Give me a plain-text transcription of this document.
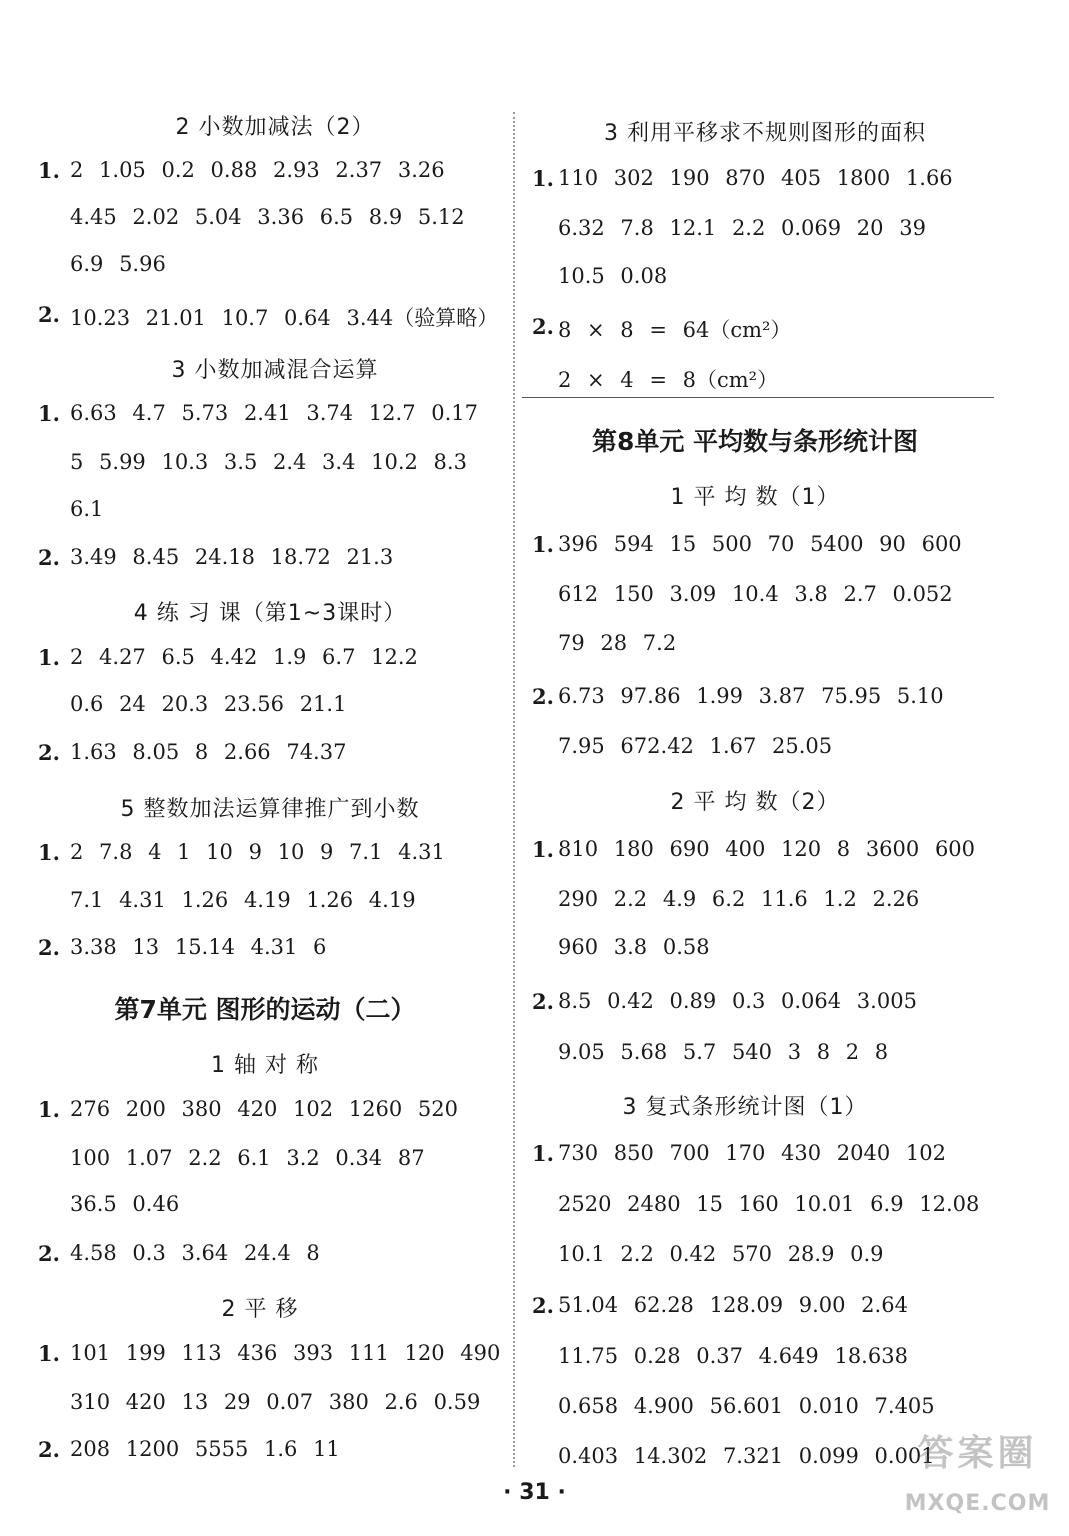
2 小数加减法（2）
1. 2 1.05 0.2 0.88 2.93 2.37 3.26
4.45 2.02 5.04 3.36 6.5 8.9 5.12
6.9 5.96
2. 10.23 21.01 10.7 0.64 3.44（验算略）
3 小数加减混合运算
1. 6.63 4.7 5.73 2.41 3.74 12.7 0.17
5 5.99 10.3 3.5 2.4 3.4 10.2 8.3
6.1
2. 3.49 8.45 24.18 18.72 21.3
4 练 习 课（第1~3课时）
1. 2 4.27 6.5 4.42 1.9 6.7 12.2
0.6 24 20.3 23.56 21.1
2. 1.63 8.05 8 2.66 74.37
5 整数加法运算律推广到小数
1. 2 7.8 4 1 10 9 10 9 7.1 4.31
7.1 4.31 1.26 4.19 1.26 4.19
2. 3.38 13 15.14 4.31 6
第7单元 图形的运动（二）
1 轴 对 称
1. 276 200 380 420 102 1260 520
100 1.07 2.2 6.1 3.2 0.34 87
36.5 0.46
2. 4.58 0.3 3.64 24.4 8
2 平 移
1. 101 199 113 436 393 111 120 490
310 420 13 29 0.07 380 2.6 0.59
2. 208 1200 5555 1.6 11
3 利用平移求不规则图形的面积
1. 110 302 190 870 405 1800 1.66
6.32 7.8 12.1 2.2 0.069 20 39
10.5 0.08
2. 8 × 8 = 64（cm²）
2 × 4 = 8（cm²）
第8单元 平均数与条形统计图
1 平 均 数（1）
1. 396 594 15 500 70 5400 90 600
612 150 3.09 10.4 3.8 2.7 0.052
79 28 7.2
2. 6.73 97.86 1.99 3.87 75.95 5.10
7.95 672.42 1.67 25.05
2 平 均 数（2）
1. 810 180 690 400 120 8 3600 600
290 2.2 4.9 6.2 11.6 1.2 2.26
960 3.8 0.58
2. 8.5 0.42 0.89 0.3 0.064 3.005
9.05 5.68 5.7 540 3 8 2 8
3 复式条形统计图（1）
1. 730 850 700 170 430 2040 102
2520 2480 15 160 10.01 6.9 12.08
10.1 2.2 0.42 570 28.9 0.9
2. 51.04 62.28 128.09 9.00 2.64
11.75 0.28 0.37 4.649 18.638
0.658 4.900 56.601 0.010 7.405
0.403 14.302 7.321 0.099 0.001
· 31 ·
答案圈
MXQE.COM
